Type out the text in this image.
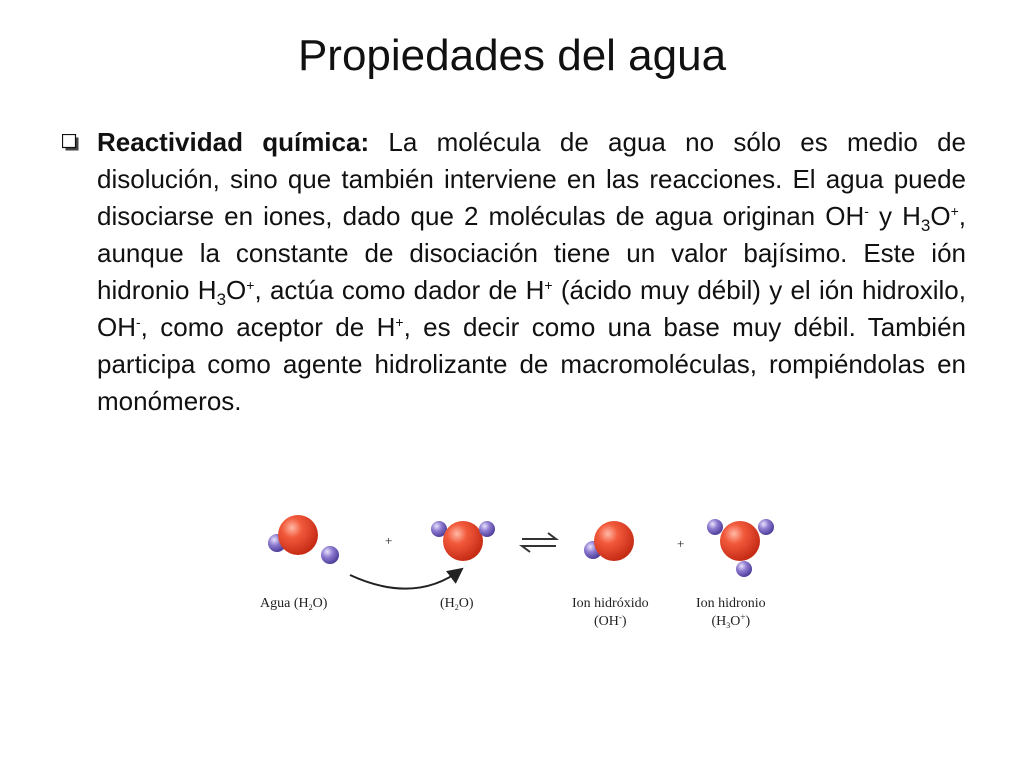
Propiedades del agua
Reactividad química: La molécula de agua no sólo es medio de disolución, sino que también interviene en las reacciones. El agua puede disociarse en iones, dado que 2 moléculas de agua originan OH- y $H_3O^+$, aunque la constante de disociación tiene un valor bajísimo. Este ión hidronio $H_3O^+$, actúa como dador de H+ (ácido muy débil) y el ión hidroxilo, OH-, como aceptor de H+, es decir como una base muy débil. También participa como agente hidrolizante de macromoléculas, rompiéndolas en monómeros.
+	+
Agua $(H_2O)$	$(H_2O)$	Ion hidróxido
(OH-)
Ion hidronio
$(H_3O^+)$
